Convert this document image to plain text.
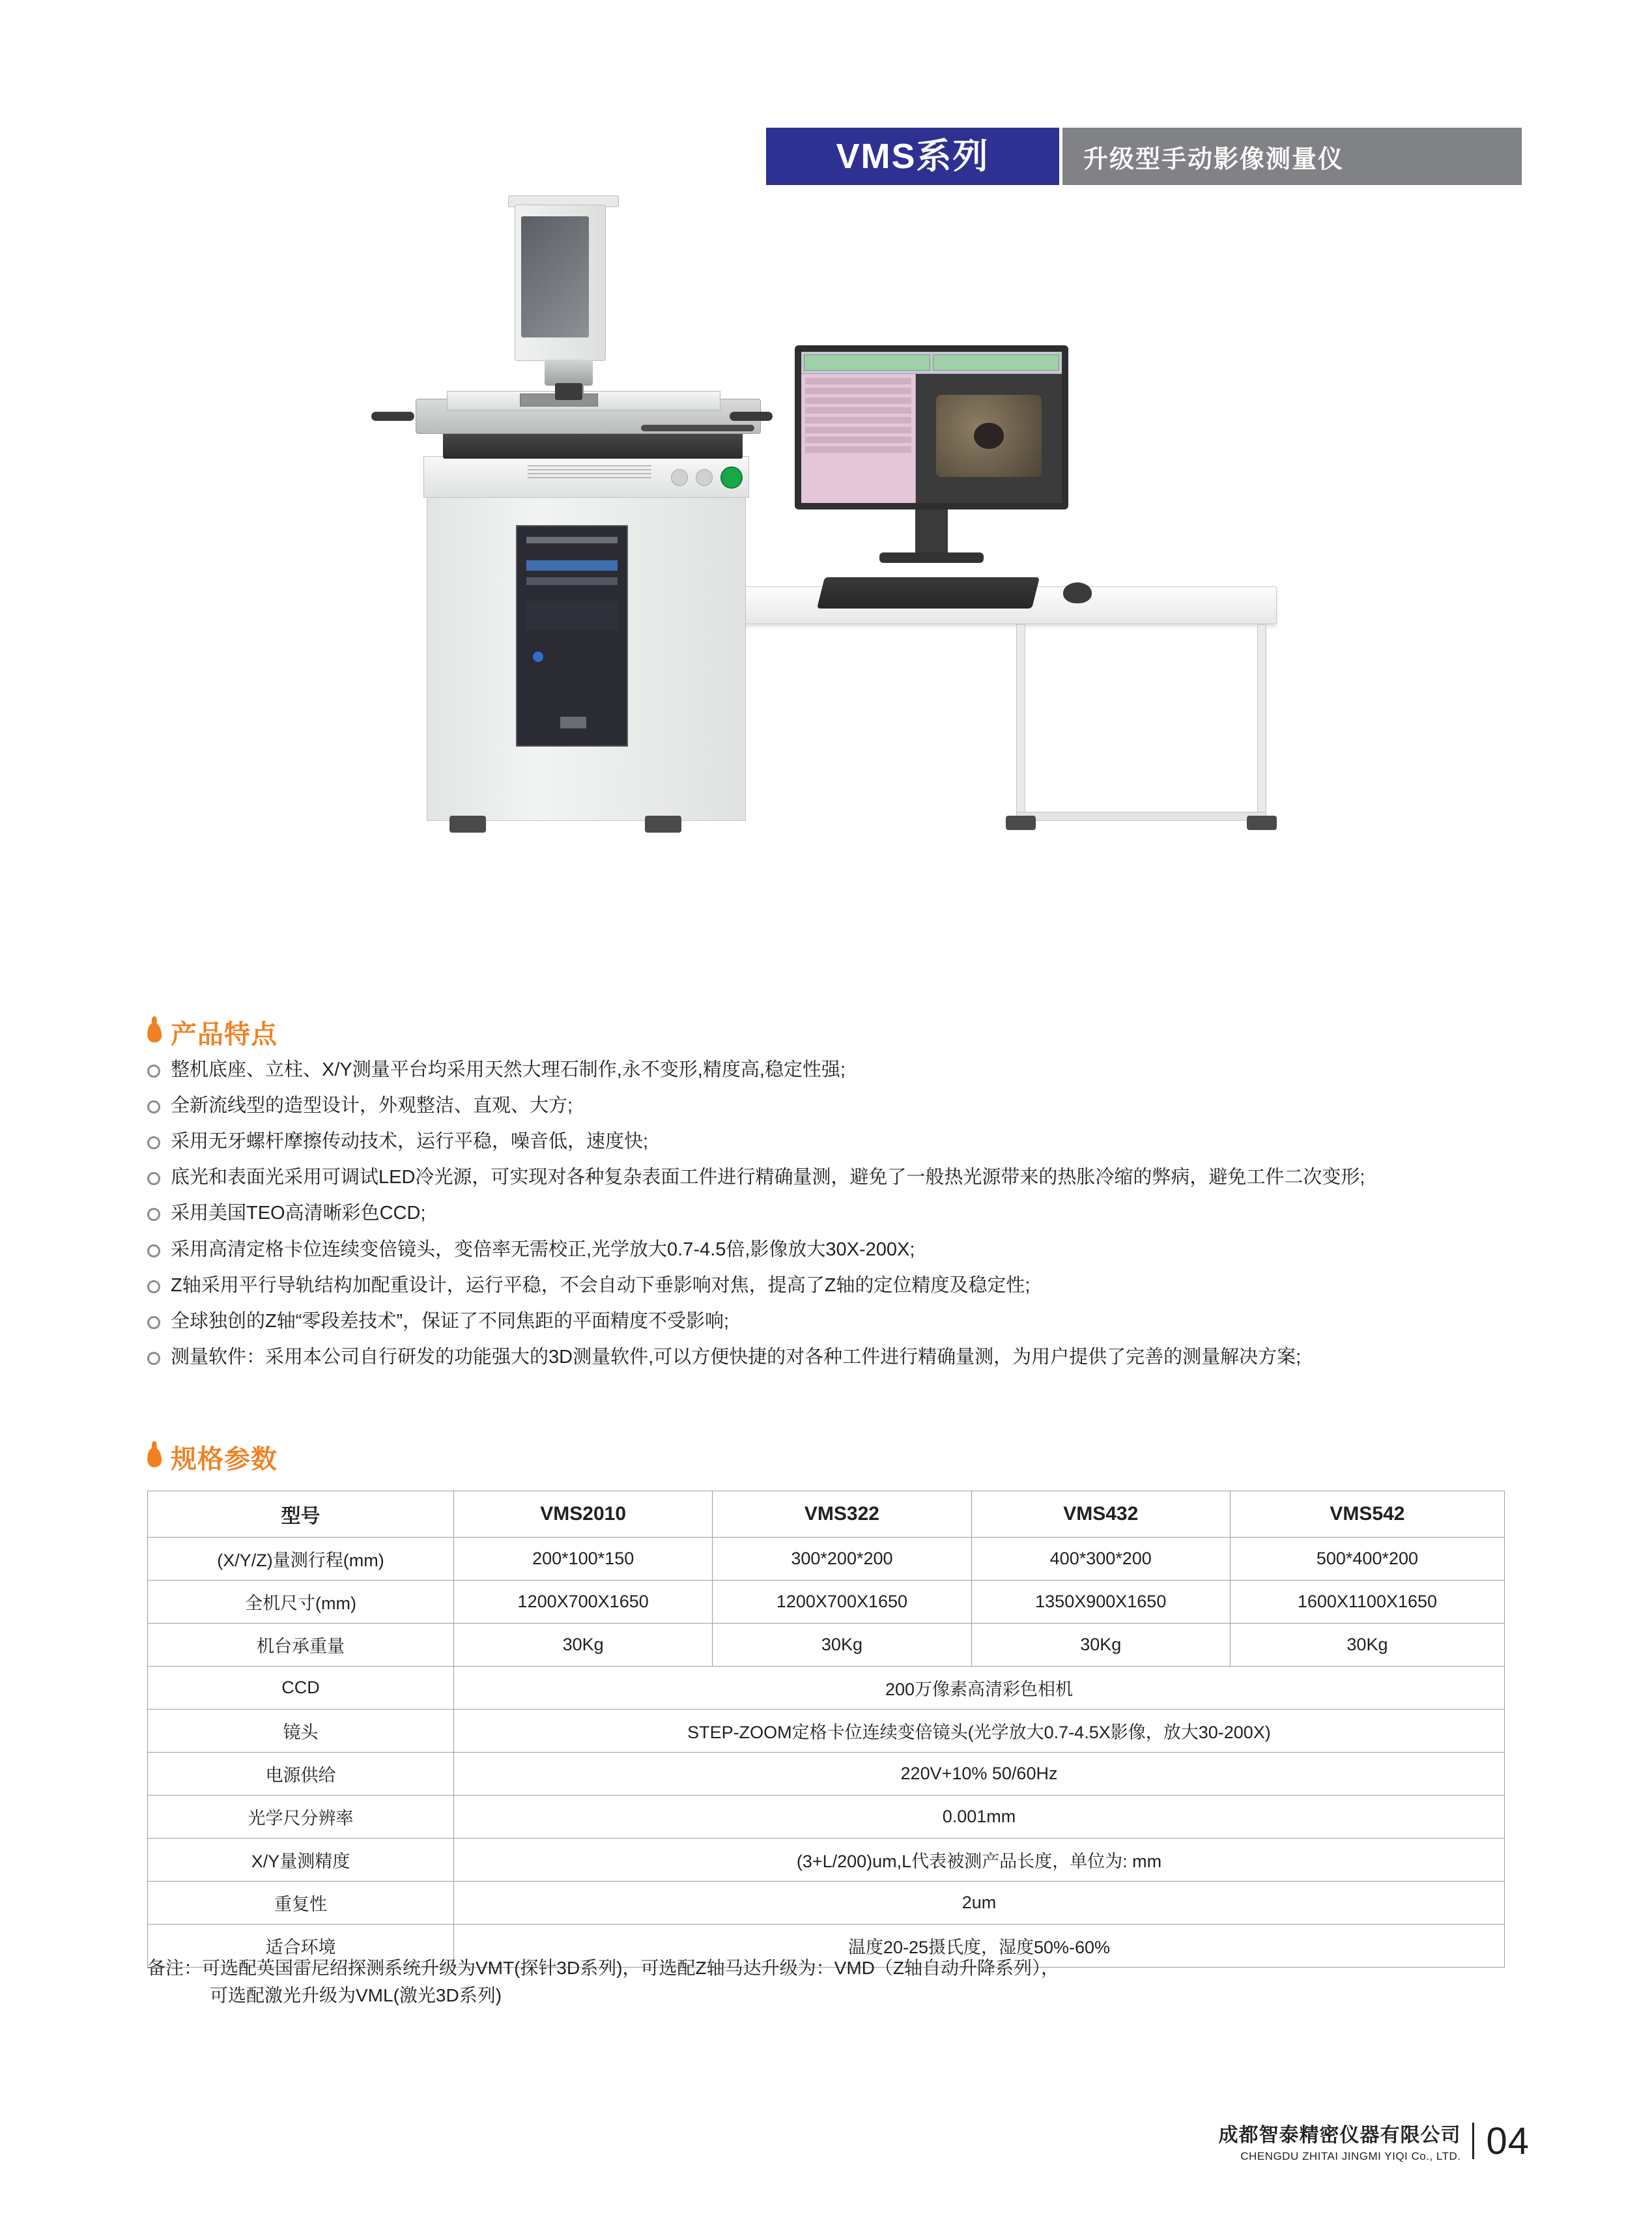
VMS系列	升级型手动影像测量仪
AI-Vision
产品特点
整机底座、立柱、X/Y测量平台均采用天然大理石制作,永不变形,精度高,稳定性强;
全新流线型的造型设计，外观整洁、直观、大方;
采用无牙螺杆摩擦传动技术，运行平稳，噪音低，速度快;
底光和表面光采用可调试LED冷光源，可实现对各种复杂表面工件进行精确量测，避免了一般热光源带来的热胀冷缩的弊病，避免工件二次变形;
采用美国TEO高清晰彩色CCD;
采用高清定格卡位连续变倍镜头，变倍率无需校正,光学放大0.7-4.5倍,影像放大30X-200X;
Z轴采用平行导轨结构加配重设计，运行平稳，不会自动下垂影响对焦，提高了Z轴的定位精度及稳定性;
全球独创的Z轴“零段差技术”，保证了不同焦距的平面精度不受影响;
测量软件：采用本公司自行研发的功能强大的3D测量软件,可以方便快捷的对各种工件进行精确量测，为用户提供了完善的测量解决方案;
规格参数
型号	VMS2010	VMS322	VMS432	VMS542
(X/Y/Z)量测行程(mm)	200*100*150	300*200*200	400*300*200	500*400*200
全机尺寸(mm)	1200X700X1650	1200X700X1650	1350X900X1650	1600X1100X1650
机台承重量	30Kg	30Kg	30Kg	30Kg
CCD	200万像素高清彩色相机			
镜头	STEP-ZOOM定格卡位连续变倍镜头(光学放大0.7-4.5X影像，放大30-200X)			
电源供给	220V+10% 50/60Hz			
光学尺分辨率	0.001mm			
X/Y量测精度	(3+L/200)um,L代表被测产品长度，单位为: mm			
重复性	2um			
适合环境	温度20-25摄氏度，湿度50%-60%			
备注：可选配英国雷尼绍探测系统升级为VMT(探针3D系列)，可选配Z轴马达升级为：VMD（Z轴自动升降系列），
可选配激光升级为VML(激光3D系列)
成都智泰精密仪器有限公司
CHENGDU ZHITAI JINGMI YIQI Co., LTD. 04
